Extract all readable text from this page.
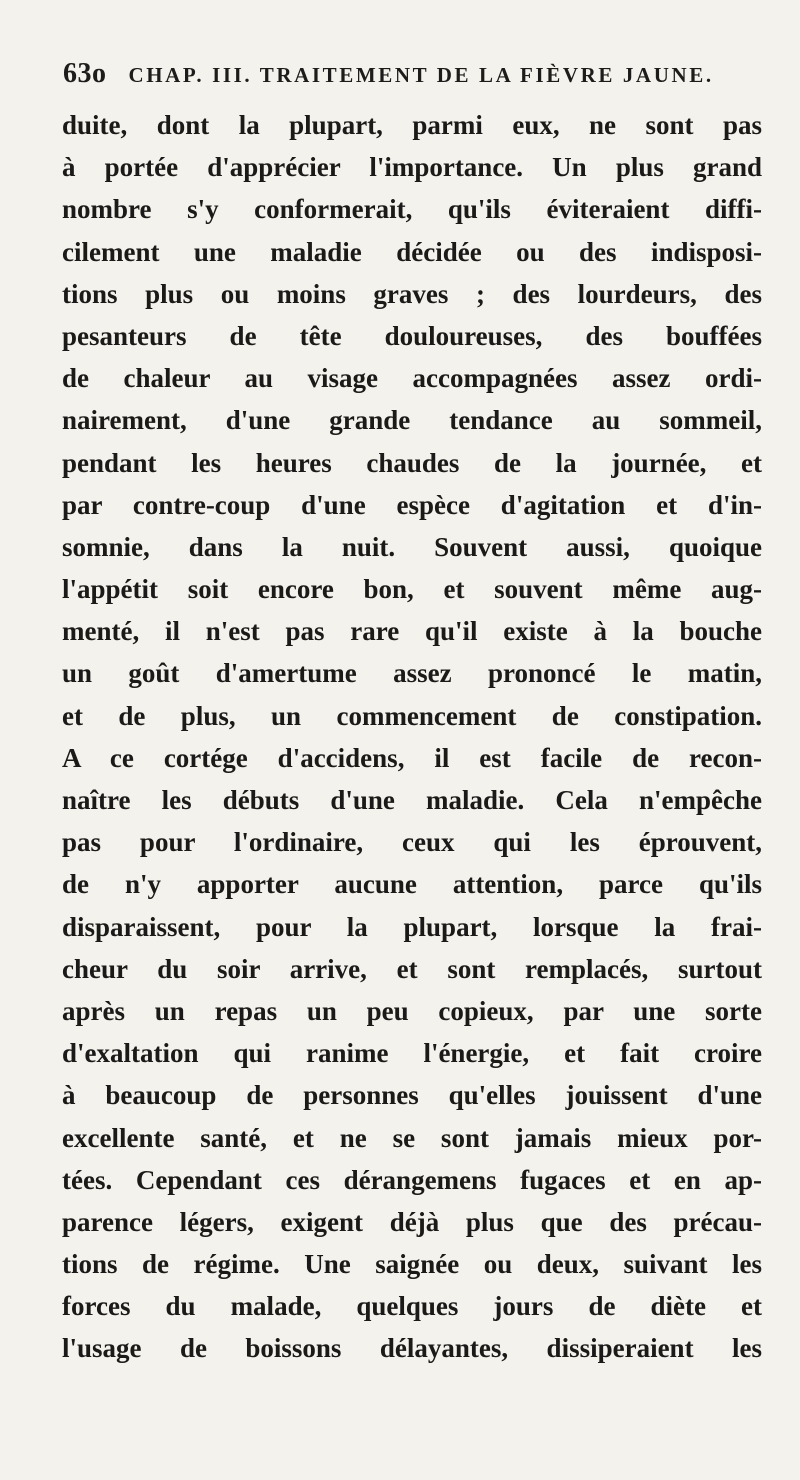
63o CHAP. III. TRAITEMENT DE LA FIÈVRE JAUNE.
duite, dont la plupart, parmi eux, ne sont pas
à portée d'apprécier l'importance. Un plus grand
nombre s'y conformerait, qu'ils éviteraient diffi-
cilement une maladie décidée ou des indisposi-
tions plus ou moins graves ; des lourdeurs, des
pesanteurs de tête douloureuses, des bouffées
de chaleur au visage accompagnées assez ordi-
nairement, d'une grande tendance au sommeil,
pendant les heures chaudes de la journée, et
par contre-coup d'une espèce d'agitation et d'in-
somnie, dans la nuit. Souvent aussi, quoique
l'appétit soit encore bon, et souvent même aug-
menté, il n'est pas rare qu'il existe à la bouche
un goût d'amertume assez prononcé le matin,
et de plus, un commencement de constipation.
A ce cortége d'accidens, il est facile de recon-
naître les débuts d'une maladie. Cela n'empêche
pas pour l'ordinaire, ceux qui les éprouvent,
de n'y apporter aucune attention, parce qu'ils
disparaissent, pour la plupart, lorsque la frai-
cheur du soir arrive, et sont remplacés, surtout
après un repas un peu copieux, par une sorte
d'exaltation qui ranime l'énergie, et fait croire
à beaucoup de personnes qu'elles jouissent d'une
excellente santé, et ne se sont jamais mieux por-
tées. Cependant ces dérangemens fugaces et en ap-
parence légers, exigent déjà plus que des précau-
tions de régime. Une saignée ou deux, suivant les
forces du malade, quelques jours de diète et
l'usage de boissons délayantes, dissiperaient les
